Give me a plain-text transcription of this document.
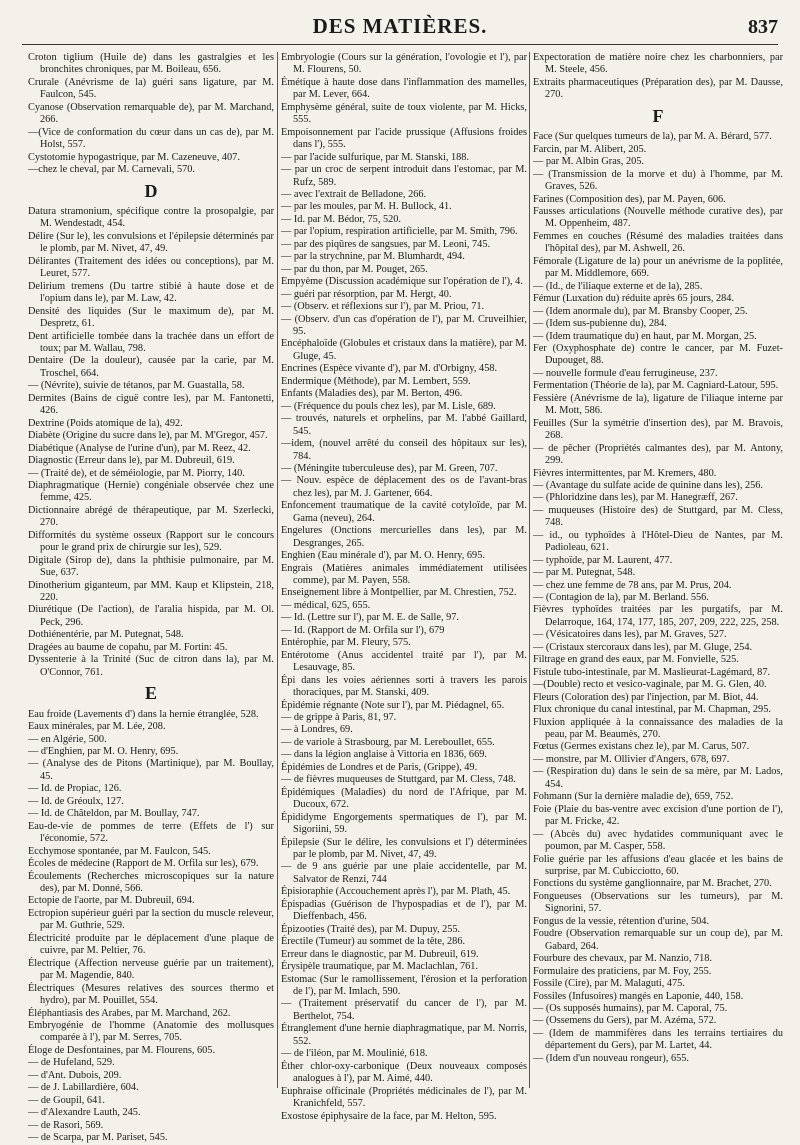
DES MATIÈRES.	837

Croton tiglium (Huile de) dans les gastralgies et les bronchites chroniques, par M. Boileau, 656.

Crurale (Anévrisme de la) guéri sans ligature, par M. Faulcon, 545.

Cyanose (Observation remarquable de), par M. Marchand, 266.

—(Vice de conformation du cœur dans un cas de), par M. Holst, 557.

Cystotomie hypogastrique, par M. Cazeneuve, 407.

—chez le cheval, par M. Carnevali, 570.

D

Datura stramonium, spécifique contre la prosopalgie, par M. Wendestadt, 454.

Délire (Sur le), les convulsions et l'épilepsie déterminés par le plomb, par M. Nivet, 47, 49.

Délirantes (Traitement des idées ou conceptions), par M. Leuret, 577.

Delirium tremens (Du tartre stibié à haute dose et de l'opium dans le), par M. Law, 42.

Densité des liquides (Sur le maximum de), par M. Despretz, 61.

Dent artificielle tombée dans la trachée dans un effort de toux; par M. Wallau, 798.

Dentaire (De la douleur), causée par la carie, par M. Troschel, 664.

— (Névrite), suivie de tétanos, par M. Guastalla, 58.

Dermites (Bains de ciguë contre les), par M. Fantonetti, 426.

Dextrine (Poids atomique de la), 492.

Diabète (Origine du sucre dans le), par M. M'Gregor, 457.

Diabétique (Analyse de l'urine d'un), par M. Reez, 42.

Diagnostic (Erreur dans le), par M. Dubreuil, 619.

— (Traité de), et de séméiologie, par M. Piorry, 140.

Diaphragmatique (Hernie) congéniale observée chez une femme, 425.

Dictionnaire abrégé de thérapeutique, par M. Szerlecki, 270.

Difformités du système osseux (Rapport sur le concours pour le grand prix de chirurgie sur les), 529.

Digitale (Sirop de), dans la phthisie pulmonaire, par M. Sue, 637.

Dinotherium giganteum, par MM. Kaup et Klipstein, 218, 220.

Diurétique (De l'action), de l'aralia hispida, par M. Ol. Peck, 296.

Dothiénentérie, par M. Putegnat, 548.

Dragées au baume de copahu, par M. Fortin: 45.

Dyssenterie à la Trinité (Suc de citron dans la), par M. O'Connor, 761.

E

Eau froide (Lavements d') dans la hernie étranglée, 528.

Eaux minérales, par M. Lée, 208.

— en Algérie, 500.

— d'Enghien, par M. O. Henry, 695.

— (Analyse des de Pitons (Martinique), par M. Boullay, 45.

— Id. de Propiac, 126.

— Id. de Gréoulx, 127.

— Id. de Châteldon, par M. Boullay, 747.

Eau-de-vie de pommes de terre (Effets de l') sur l'économie, 572.

Ecchymose spontanée, par M. Faulcon, 545.

Écoles de médecine (Rapport de M. Orfila sur les), 679.

Écoulements (Recherches microscopiques sur la nature des), par M. Donné, 566.

Ectopie de l'aorte, par M. Dubreuil, 694.

Ectropion supérieur guéri par la section du muscle releveur, par M. Guthrie, 529.

Électricité produite par le déplacement d'une plaque de cuivre, par M. Peltier, 76.

Électrique (Affection nerveuse guérie par un traitement), par M. Magendie, 840.

Électriques (Mesures relatives des sources thermo et hydro), par M. Pouillet, 554.

Éléphantiasis des Arabes, par M. Marchand, 262.

Embryogénie de l'homme (Anatomie des mollusques comparée à l'), par M. Serres, 705.

Éloge de Desfontaines, par M. Flourens, 605.

— de Hufeland, 529.

— d'Ant. Dubois, 209.

— de J. Labillardière, 604.

— de Goupil, 641.

— d'Alexandre Lauth, 245.

— de Rasori, 569.

— de Scarpa, par M. Pariset, 545.

Embryologie (Cours sur la génération, l'ovologie et l'), par M. Flourens, 50.

Émétique à haute dose dans l'inflammation des mamelles, par M. Lever, 664.

Emphysème général, suite de toux violente, par M. Hicks, 555.

Empoisonnement par l'acide prussique (Affusions froides dans l'), 555.

— par l'acide sulfurique, par M. Stanski, 188.

— par un croc de serpent introduit dans l'estomac, par M. Rufz, 589.

— avec l'extrait de Belladone, 266.

— par les moules, par M. H. Bullock, 41.

— Id. par M. Bédor, 75, 520.

— par l'opium, respiration artificielle, par M. Smith, 796.

— par des piqûres de sangsues, par M. Leoni, 745.

— par la strychnine, par M. Blumhardt, 494.

— par du thon, par M. Pouget, 265.

Empyème (Discussion académique sur l'opération de l'), 4.

— guéri par résorption, par M. Hergt, 40.

— (Observ. et réflexions sur l'), par M. Priou, 71.

— (Observ. d'un cas d'opération de l'), par M. Cruveilhier, 95.

Encéphaloïde (Globules et cristaux dans la matière), par M. Gluge, 45.

Encrines (Espèce vivante d'), par M. d'Orbigny, 458.

Endermique (Méthode), par M. Lembert, 559.

Enfants (Maladies des), par M. Berton, 496.

— (Fréquence du pouls chez les), par M. Lisle, 689.

— trouvés, naturels et orphelins, par M. l'abbé Gaillard, 545.

—idem, (nouvel arrêté du conseil des hôpitaux sur les), 784.

— (Méningite tuberculeuse des), par M. Green, 707.

— Nouv. espèce de déplacement des os de l'avant-bras chez les), par M. J. Gartener, 664.

Enfoncement traumatique de la cavité cotyloïde, par M. Gama (neveu), 264.

Engelures (Onctions mercurielles dans les), par M. Desgranges, 265.

Enghien (Eau minérale d'), par M. O. Henry, 695.

Engrais (Matières animales immédiatement utilisées comme), par M. Payen, 558.

Enseignement libre à Montpellier, par M. Chrestien, 752.

— médical, 625, 655.

— Id. (Lettre sur l'), par M. E. de Salle, 97.

— Id. (Rapport de M. Orfila sur l'), 679

Entérophie, par M. Fleury, 575.

Entérotome (Anus accidentel traité par l'), par M. Lesauvage, 85.

Épi dans les voies aériennes sorti à travers les parois thoraciques, par M. Stanski, 409.

Épidémie régnante (Note sur l'), par M. Piédagnel, 65.

— de grippe à Paris, 81, 97.

— à Londres, 69.

— de variole à Strasbourg, par M. Lereboullet, 655.

— dans la légion anglaise à Vittoria en 1836, 669.

Épidémies de Londres et de Paris, (Grippe), 49.

— de fièvres muqueuses de Stuttgard, par M. Cless, 748.

Épidémiques (Maladies) du nord de l'Afrique, par M. Ducoux, 672.

Épididyme Engorgements spermatiques de l'), par M. Sigoriini, 59.

Épilepsie (Sur le délire, les convulsions et l') déterminées par le plomb, par M. Nivet, 47, 49.

— de 9 ans guérie par une plaie accidentelle, par M. Salvator de Renzi, 744

Épisioraphie (Accouchement après l'), par M. Plath, 45.

Épispadias (Guérison de l'hypospadias et de l'), par M. Dieffenbach, 456.

Épizooties (Traité des), par M. Dupuy, 255.

Érectile (Tumeur) au sommet de la tête, 286.

Erreur dans le diagnostic, par M. Dubreuil, 619.

Érysipèle traumatique, par M. Maclachlan, 761.

Estomac (Sur le ramollissement, l'érosion et la perforation de l'), par M. Imlach, 590.

— (Traitement préservatif du cancer de l'), par M. Berthelot, 754.

Étranglement d'une hernie diaphragmatique, par M. Norris, 552.

— de l'iléon, par M. Moulinié, 618.

Éther chlor-oxy-carbonique (Deux nouveaux composés analogues à l'), par M. Aimé, 440.

Euphraise officinale (Propriétés médicinales de l'), par M. Kranichfeld, 557.

Exostose épiphysaire de la face, par M. Helton, 595.

Expectoration de matière noire chez les charbonniers, par M. Steele, 456.

Extraits pharmaceutiques (Préparation des), par M. Dausse, 270.

F

Face (Sur quelques tumeurs de la), par M. A. Bérard, 577.

Farcin, par M. Alibert, 205.

— par M. Albin Gras, 205.

— (Transmission de la morve et du) à l'homme, par M. Graves, 526.

Farines (Composition des), par M. Payen, 606.

Fausses articulations (Nouvelle méthode curative des), par M. Oppenheim, 487.

Femmes en couches (Résumé des maladies traitées dans l'hôpital des), par M. Ashwell, 26.

Fémorale (Ligature de la) pour un anévrisme de la poplitée, par M. Middlemore, 669.

— (Id., de l'iliaque externe et de la), 285.

Fémur (Luxation du) réduite après 65 jours, 284.

— (Idem anormale du), par M. Bransby Cooper, 25.

— (Idem sus-pubienne du), 284.

— (Idem traumatique du) en haut, par M. Morgan, 25.

Fer (Oxyphosphate de) contre le cancer, par M. Fuzet-Dupouget, 88.

— nouvelle formule d'eau ferrugineuse, 237.

Fermentation (Théorie de la), par M. Cagniard-Latour, 595.

Fessière (Anévrisme de la), ligature de l'iliaque interne par M. Mott, 586.

Feuilles (Sur la symétrie d'insertion des), par M. Bravois, 268.

— de pêcher (Propriétés calmantes des), par M. Antony, 299.

Fièvres intermittentes, par M. Kremers, 480.

— (Avantage du sulfate acide de quinine dans les), 256.

— (Phloridzine dans les), par M. Hanegræff, 267.

— muqueuses (Histoire des) de Stuttgard, par M. Cless, 748.

— id., ou typhoïdes à l'Hôtel-Dieu de Nantes, par M. Padioleau, 621.

— typhoïde, par M. Laurent, 477.

— par M. Putegnat, 548.

— chez une femme de 78 ans, par M. Prus, 204.

— (Contagion de la), par M. Berland. 556.

Fièvres typhoïdes traitées par les purgatifs, par M. Delarroque, 164, 174, 177, 185, 207, 209, 222, 225, 258.

— (Vésicatoires dans les), par M. Graves, 527.

— (Cristaux stercoraux dans les), par M. Gluge, 254.

Filtrage en grand des eaux, par M. Fonvielle, 525.

Fistule tubo-intestinale, par M. Maslieurat-Lagémard, 87.

—(Double) recto et vesico-vaginale, par M. G. Glen, 40.

Fleurs (Coloration des) par l'injection, par M. Biot, 44.

Flux chronique du canal intestinal, par M. Chapman, 295.

Fluxion appliquée à la connaissance des maladies de la peau, par M. Beaumès, 270.

Fœtus (Germes existans chez le), par M. Carus, 507.

— monstre, par M. Ollivier d'Angers, 678, 697.

— (Respiration du) dans le sein de sa mère, par M. Lados, 454.

Fohmann (Sur la dernière maladie de), 659, 752.

Foie (Plaie du bas-ventre avec excision d'une portion de l'), par M. Fricke, 42.

— (Abcès du) avec hydatides communiquant avec le poumon, par M. Casper, 558.

Folie guérie par les affusions d'eau glacée et les bains de surprise, par M. Cubicciotto, 60.

Fonctions du système ganglionnaire, par M. Brachet, 270.

Fongueuses (Observations sur les tumeurs), par M. Signorini, 57.

Fongus de la vessie, rétention d'urine, 504.

Foudre (Observation remarquable sur un coup de), par M. Gabard, 264.

Fourbure des chevaux, par M. Nanzio, 718.

Formulaire des praticiens, par M. Foy, 255.

Fossile (Cire), par M. Malaguti, 475.

Fossiles (Infusoires) mangés en Laponie, 440, 158.

— (Os supposés humains), par M. Caporal, 75.

— (Ossemens du Gers), par M. Azéma, 572.

— (Idem de mammifères dans les terrains tertiaires du département du Gers), par M. Lartet, 44.

— (Idem d'un nouveau rongeur), 655.
